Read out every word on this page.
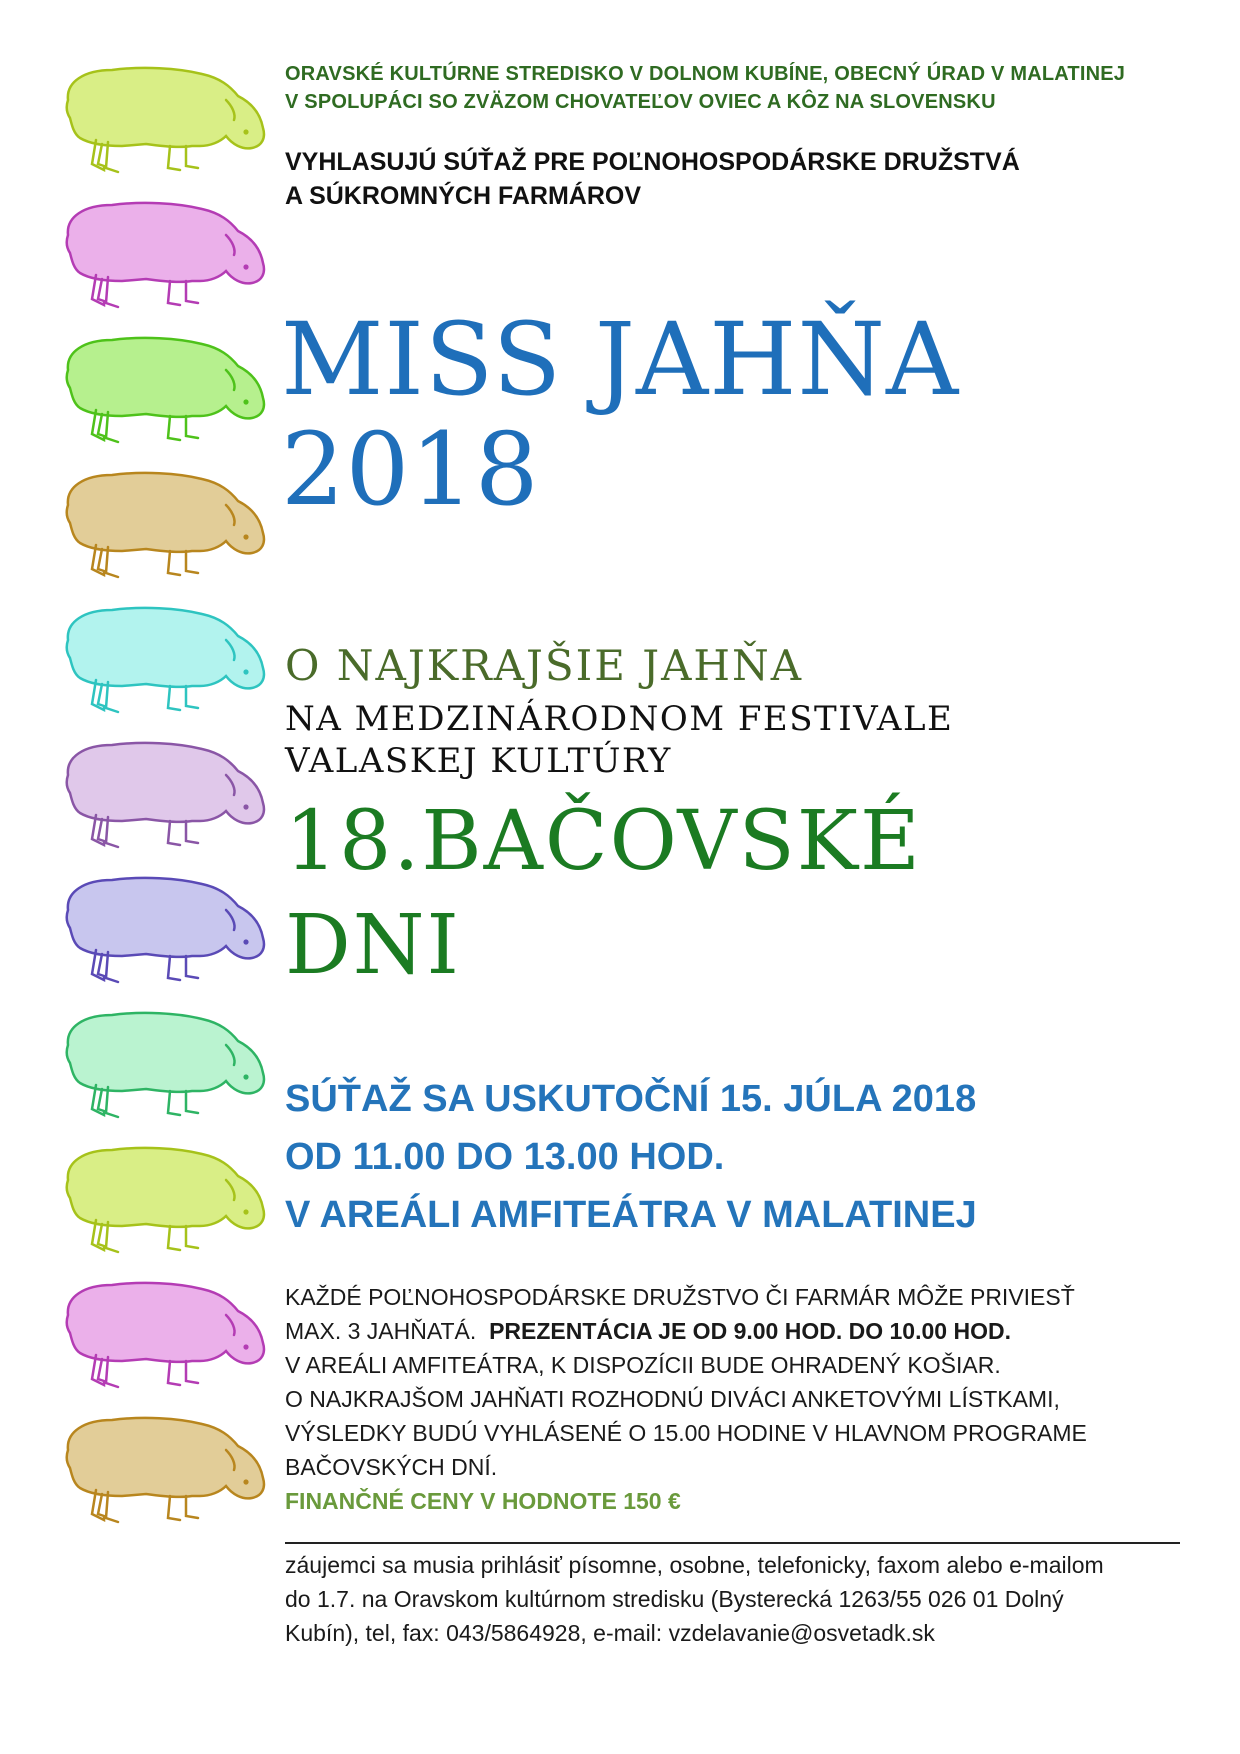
ORAVSKÉ KULTÚRNE STREDISKO V DOLNOM KUBÍNE, OBECNÝ ÚRAD V MALATINEJ
V SPOLUPÁCI SO ZVÄZOM CHOVATEĽOV OVIEC A KÔZ NA SLOVENSKU
VYHLASUJÚ SÚŤAŽ PRE POĽNOHOSPODÁRSKE DRUŽSTVÁ
A SÚKROMNÝCH FARMÁROV
MISS JAHŇA
2018
O NAJKRAJŠIE JAHŇA
NA MEDZINÁRODNOM FESTIVALE
VALASKEJ KULTÚRY
18.BAČOVSKÉ
DNI
SÚŤAŽ SA USKUTOČNÍ 15. JÚLA 2018
OD 11.00 DO 13.00 HOD.
V AREÁLI AMFITEÁTRA V MALATINEJ
KAŽDÉ POĽNOHOSPODÁRSKE DRUŽSTVO ČI FARMÁR MÔŽE PRIVIESŤ
MAX. 3 JAHŇATÁ. PREZENTÁCIA JE OD 9.00 HOD. DO 10.00 HOD.
V AREÁLI AMFITEÁTRA, K DISPOZÍCII BUDE OHRADENÝ KOŠIAR.
O NAJKRAJŠOM JAHŇATI ROZHODNÚ DIVÁCI ANKETOVÝMI LÍSTKAMI,
VÝSLEDKY BUDÚ VYHLÁSENÉ O 15.00 HODINE V HLAVNOM PROGRAME
BAČOVSKÝCH DNÍ.
FINANČNÉ CENY V HODNOTE 150 €
záujemci sa musia prihlásiť písomne, osobne, telefonicky, faxom alebo e-mailom
do 1.7. na Oravskom kultúrnom stredisku (Bysterecká 1263/55 026 01 Dolný
Kubín), tel, fax: 043/5864928, e-mail: vzdelavanie@osvetadk.sk
